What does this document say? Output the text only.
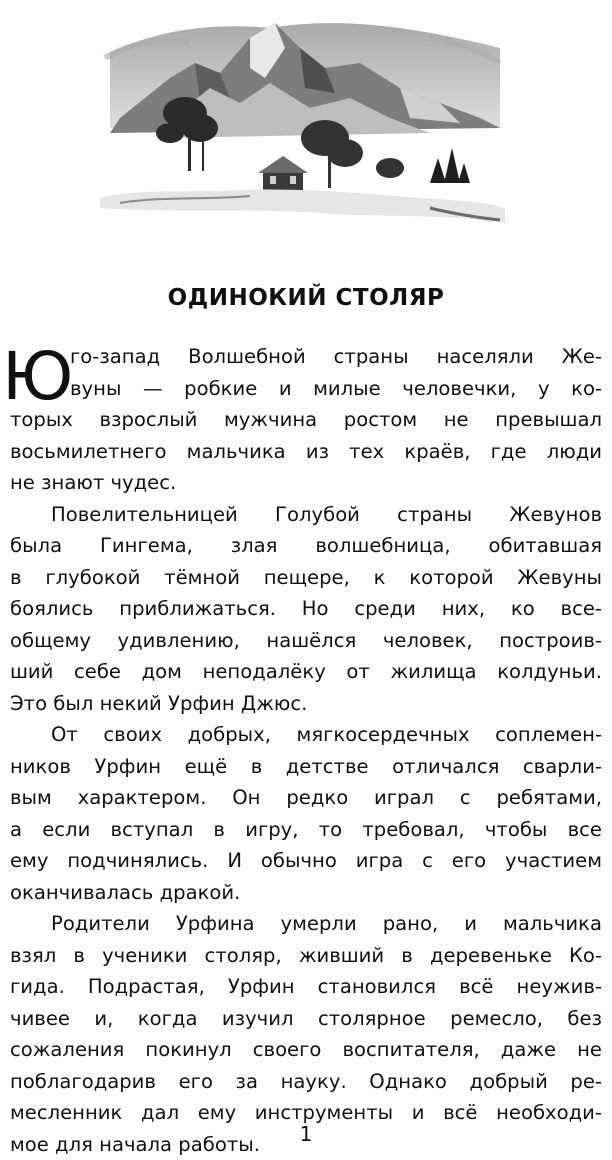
ОДИНОКИЙ СТОЛЯР
Ю
го-запад Волшебной страны населяли Же-
вуны — робкие и милые человечки, у ко-
торых взрослый мужчина ростом не превышал
восьмилетнего мальчика из тех краёв, где люди
не знают чудес.
Повелительницей Голубой страны Жевунов
была Гингема, злая волшебница, обитавшая
в глубокой тёмной пещере, к которой Жевуны
боялись приближаться. Но среди них, ко все-
общему удивлению, нашёлся человек, построив-
ший себе дом неподалёку от жилища колдуньи.
Это был некий Урфин Джюс.
От своих добрых, мягкосердечных соплемен-
ников Урфин ещё в детстве отличался сварли-
вым характером. Он редко играл с ребятами,
а если вступал в игру, то требовал, чтобы все
ему подчинялись. И обычно игра с его участием
оканчивалась дракой.
Родители Урфина умерли рано, и мальчика
взял в ученики столяр, живший в деревеньке Ко-
гида. Подрастая, Урфин становился всё неужив-
чивее и, когда изучил столярное ремесло, без
сожаления покинул своего воспитателя, даже не
поблагодарив его за науку. Однако добрый ре-
месленник дал ему инструменты и всё необходи-
мое для начала работы.	1
